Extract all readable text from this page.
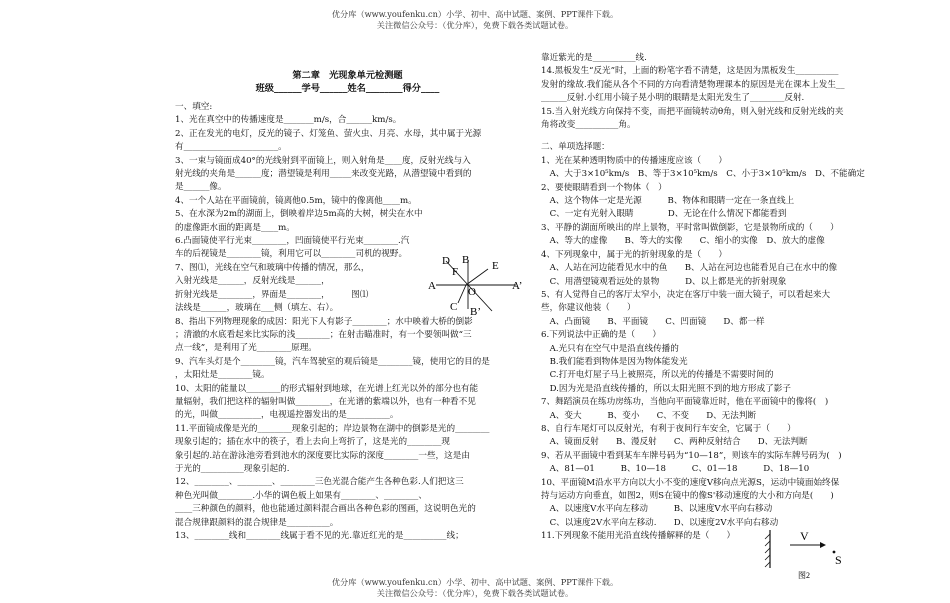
优分库（www.youfenku.cn）小学、初中、高中试题、案例、PPT课件下载。
关注微信公众号：（优分库），免费下载各类试题试卷。

第二章　光现象单元检测题

班级______学号______姓名________得分____

一、填空:

1、光在真空中的传播速度是_______m/s，合______km/s。

2、正在发光的电灯，反光的镜子、灯笼鱼、萤火虫、月亮、水母，其中属于光源

有______________________。

3、一束与镜面成40°的光线射到平面镜上，则入射角是____度，反射光线与入

射光线的夹角是______度；潜望镜是利用_____来改变光路，从潜望镜中看到的

是______像。

4、一个人站在平面镜前，镜离他0.5m，镜中的像离他____m。

5、在水深为2m的湖面上，倒映着岸边5m高的大树，树尖在水中

的虚像距水面的距离是____m。

6.凸面镜使平行光束________，凹面镜使平行光束________.汽

车的后视镜是________镜，利用它可以________司机的视野。

7、图⑴，光线在空气和玻璃中传播的情况，那么，

入射光线是______，反射光线是______，

折射光线是________，界面是________，　　　图⑴

法线是______，玻璃在___侧（填左、右）。

8、指出下列物理现象的成因：阳光下人有影子________；水中映着大桥的倒影

；清澈的水底看起来比实际的浅________；在射击瞄准时，有一个要领叫做“三

点一线”，是利用了光________原理。

9、汽车头灯是个________镜，汽车驾驶室的观后镜是________镜，使用它的目的是

，太阳灶是________镜。

10、太阳的能量以________的形式辐射到地球，在光谱上红光以外的部分也有能

量辐射，我们把这样的辐射叫做________，在光谱的紫端以外，也有一种看不见

的光，叫做__________，电视遥控器发出的是__________。

11.平面镜成像是光的________现象引起的；岸边景物在湖中的倒影是光的________

现象引起的；插在水中的筷子，看上去向上弯折了，这是光的________现

象引起的.站在游泳池旁看到池水的深度要比实际的深度________一些，这是由

于光的__________现象引起的.

12、________、________、________三色光混合能产生各种色彩.人们把这三

种色光叫做________.小华的调色板上如果有________、________、

____三种颜色的颜料，他也能通过颜料混合画出各种色彩的图画，这说明色光的

混合规律跟颜料的混合规律是__________。

13、________线和________线属于看不见的光.靠近红光的是__________线；

D B E
F
A	O	A’
C B’

靠近紫光的是__________线.

14.黑板发生“反光”时，上面的粉笔字看不清楚，这是因为黑板发生__________

发射的缘故.我们能从各个不同的方向看清楚物理课本的原因是光在课本上发生__

______反射.小红用小镜子晃小明的眼睛是太阳光发生了________反射.

15.当入射光线方向保持不变，而把平面镜转动θ角，则入射光线和反射光线的夹

角将改变__________角。

二、单项选择题：

1、光在某种透明物质中的传播速度应该（　　）

　A、大于3×10⁵km/s　B、等于3×10⁵km/s　C、小于3×10⁵km/s　D、不能确定

2、要使眼睛看到一个物体（　）

　A、这个物体一定是光源　　　B、物体和眼睛一定在一条直线上

　C、一定有光射入眼睛　　　　D、无论在什么情况下都能看到

3、平静的湖面所映出的岸上景物，平时常叫做倒影，它是景物所成的（　　）

　A、等大的虚像　　B、等大的实像　　C、缩小的实像　D、放大的虚像

4、下列现象中，属于光的折射现象的是（　　）

　A、人站在河边能看见水中的鱼　　B、人站在河边也能看见自己在水中的像

　C、用潜望镜观看远处的景物　　　D、以上都是光的折射现象

5、有人觉得自己的客厅太窄小，决定在客厅中装一面大镜子，可以看起来大

些，你建议他装（　　）

　A、凸面镜　　B、平面镜　　C、凹面镜　　D、都一样

6.下列说法中正确的是（　　）

　A.光只有在空气中是沿直线传播的

　B.我们能看到物体是因为物体能发光

　C.打开电灯屋子马上被照亮，所以光的传播是不需要时间的

　D.因为光是沿直线传播的，所以太阳光照不到的地方形成了影子

7、舞蹈演员在练功房练功，当他向平面镜靠近时，他在平面镜中的像将(　)

　A、变大　　　B、变小　　C、不变　　D、无法判断

8、自行车尾灯可以反射光，有利于夜间行车安全，它属于（　　）

　A、镜面反射　　B、漫反射　　C、两种反射结合　　D、无法判断

9、若从平面镜中看到某车车牌号码为“10—18”，则该车的实际车牌号码为(　)

　A、81—01　　　B、10—18　　　C、01—18　　　D、18—10

10、平面镜M沿水平方向以大小不变的速度V移向点光源S，运动中镜面始终保

持与运动方向垂直，如图2，则S在镜中的像S'移动速度的大小和方向是(　　)

　A、以速度V水平向左移动　　　B、以速度V水平向右移动

　C、以速度2V水平向左移动.　　D、以速度2V水平向右移动

11.下列现象不能用光沿直线传播解释的是（　　）	V
S
图2
优分库（www.youfenku.cn）小学、初中、高中试题、案例、PPT课件下载。
关注微信公众号：（优分库），免费下载各类试题试卷。
